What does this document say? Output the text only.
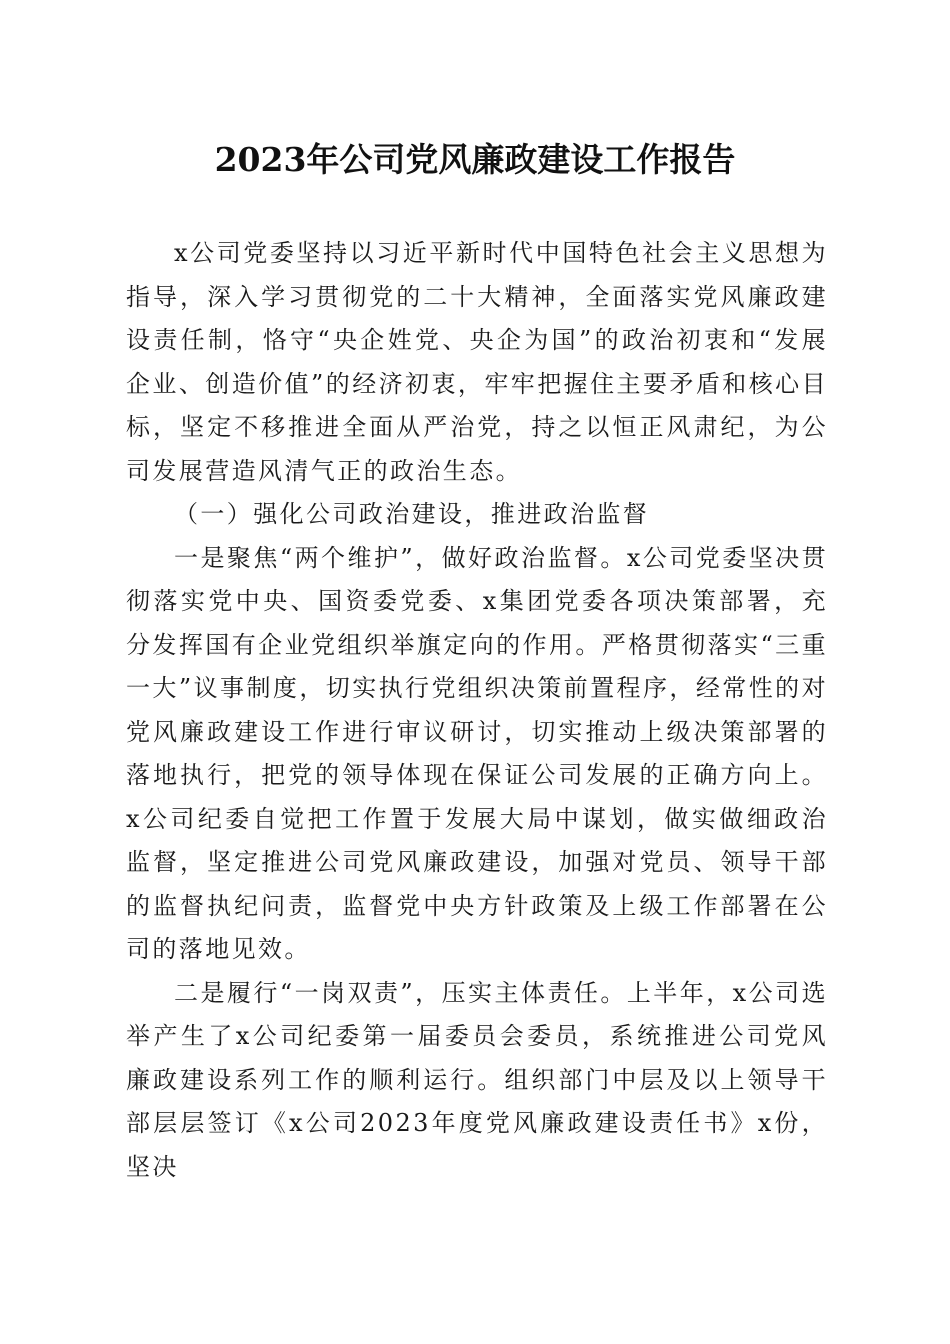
2023年公司党风廉政建设工作报告

x公司党委坚持以习近平新时代中国特色社会主义思想为指导，深入学习贯彻党的二十大精神，全面落实党风廉政建设责任制，恪守“央企姓党、央企为国”的政治初衷和“发展企业、创造价值”的经济初衷，牢牢把握住主要矛盾和核心目标，坚定不移推进全面从严治党，持之以恒正风肃纪，为公司发展营造风清气正的政治生态。

（一）强化公司政治建设，推进政治监督

一是聚焦“两个维护”，做好政治监督。x公司党委坚决贯彻落实党中央、国资委党委、x集团党委各项决策部署，充分发挥国有企业党组织举旗定向的作用。严格贯彻落实“三重一大”议事制度，切实执行党组织决策前置程序，经常性的对党风廉政建设工作进行审议研讨，切实推动上级决策部署的落地执行，把党的领导体现在保证公司发展的正确方向上。x公司纪委自觉把工作置于发展大局中谋划，做实做细政治监督，坚定推进公司党风廉政建设，加强对党员、领导干部的监督执纪问责，监督党中央方针政策及上级工作部署在公司的落地见效。

二是履行“一岗双责”，压实主体责任。上半年，x公司选举产生了x公司纪委第一届委员会委员，系统推进公司党风廉政建设系列工作的顺利运行。组织部门中层及以上领导干部层层签订《x公司2023年度党风廉政建设责任书》x份，坚决
